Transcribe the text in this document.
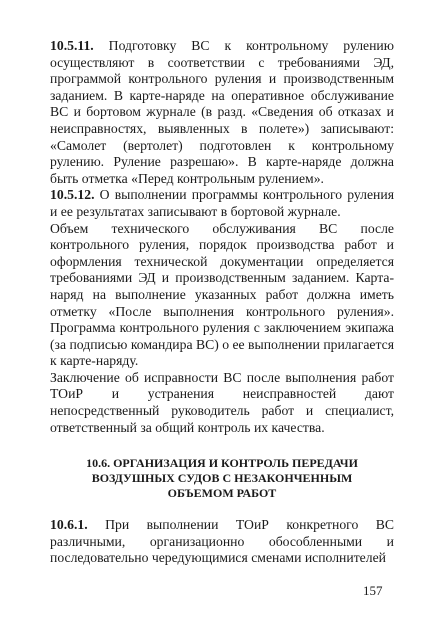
10.5.11. Подготовку ВС к контрольному рулению осуществляют в соответствии с требованиями ЭД, программой контрольного руления и производственным заданием. В карте-наряде на оперативное обслуживание ВС и бортовом журнале (в разд. «Сведения об отказах и неисправностях, выявленных в полете») записывают: «Самолет (вертолет) подготовлен к контрольному рулению. Руление разрешаю». В карте-наряде должна быть отметка «Перед контрольным рулением».

10.5.12. О выполнении программы контрольного руления и ее результатах записывают в бортовой журнале.

Объем технического обслуживания ВС после контрольного руления, порядок производства работ и оформления технической документации определяется требованиями ЭД и производственным заданием. Карта-наряд на выполнение указанных работ должна иметь отметку «После выполнения контрольного руления». Программа контрольного руления с заключением экипажа (за подписью командира ВС) о ее выполнении прилагается к карте-наряду.

Заключение об исправности ВС после выполнения работ ТОиР и устранения неисправностей дают непосредственный руководитель работ и специалист, ответственный за общий контроль их качества.

10.6. ОРГАНИЗАЦИЯ И КОНТРОЛЬ ПЕРЕДАЧИ
ВОЗДУШНЫХ СУДОВ С НЕЗАКОНЧЕННЫМ
ОБЪЕМОМ РАБОТ

10.6.1. При выполнении ТОиР конкретного ВС различными, организационно обособленными и последовательно чередующимися сменами исполнителей

157
